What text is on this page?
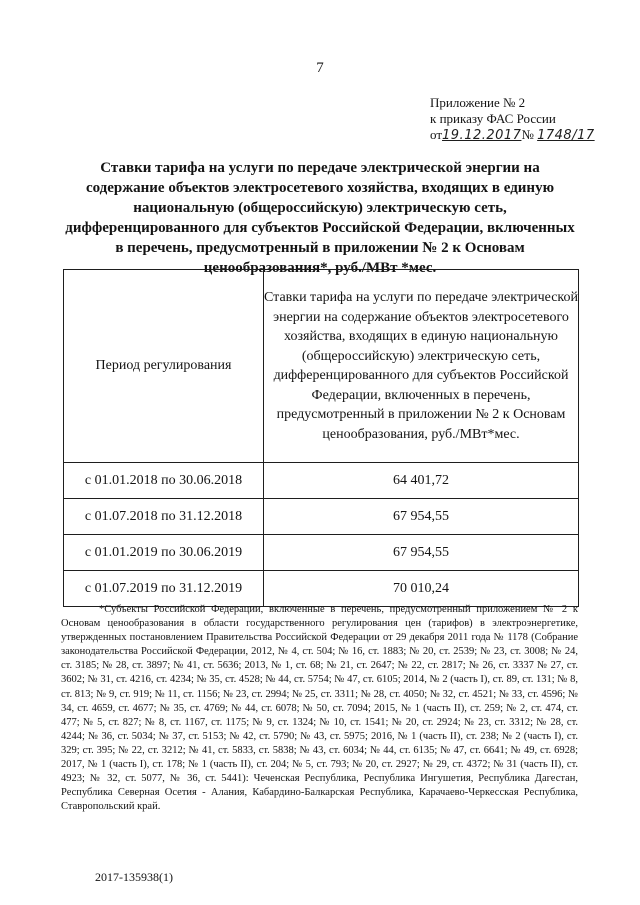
7
Приложение № 2
к приказу ФАС России
от19.12.2017№ 1748/17
Ставки тарифа на услуги по передаче электрической энергии на содержание объектов электросетевого хозяйства, входящих в единую национальную (общероссийскую) электрическую сеть, дифференцированного для субъектов Российской Федерации, включенных в перечень, предусмотренный в приложении № 2 к Основам ценообразования*, руб./МВт *мес.
Период регулирования	Ставки тарифа на услуги по передаче электрической энергии на содержание объектов электросетевого хозяйства, входящих в единую национальную (общероссийскую) электрическую сеть, дифференцированного для субъектов Российской Федерации, включенных в перечень, предусмотренный в приложении № 2 к Основам ценообразования, руб./МВт*мес.
с 01.01.2018 по 30.06.2018	64 401,72
с 01.07.2018 по 31.12.2018	67 954,55
с 01.01.2019 по 30.06.2019	67 954,55
с 01.07.2019 по 31.12.2019	70 010,24
*Субъекты Российской Федерации, включенные в перечень, предусмотренный приложением № 2 к Основам ценообразования в области государственного регулирования цен (тарифов) в электроэнергетике, утвержденных постановлением Правительства Российской Федерации от 29 декабря 2011 года № 1178 (Собрание законодательства Российской Федерации, 2012, № 4, ст. 504; № 16, ст. 1883; № 20, ст. 2539; № 23, ст. 3008; № 24, ст. 3185; № 28, ст. 3897; № 41, ст. 5636; 2013, № 1, ст. 68; № 21, ст. 2647; № 22, ст. 2817; № 26, ст. 3337 № 27, ст. 3602; № 31, ст. 4216, ст. 4234; № 35, ст. 4528; № 44, ст. 5754; № 47, ст. 6105; 2014, № 2 (часть I), ст. 89, ст. 131; № 8, ст. 813; № 9, ст. 919; № 11, ст. 1156; № 23, ст. 2994; № 25, ст. 3311; № 28, ст. 4050; № 32, ст. 4521; № 33, ст. 4596; № 34, ст. 4659, ст. 4677; № 35, ст. 4769; № 44, ст. 6078; № 50, ст. 7094; 2015, № 1 (часть II), ст. 259; № 2, ст. 474, ст. 477; № 5, ст. 827; № 8, ст. 1167, ст. 1175; № 9, ст. 1324; № 10, ст. 1541; № 20, ст. 2924; № 23, ст. 3312; № 28, ст. 4244; № 36, ст. 5034; № 37, ст. 5153; № 42, ст. 5790; № 43, ст. 5975; 2016, № 1 (часть II), ст. 238; № 2 (часть I), ст. 329; ст. 395; № 22, ст. 3212; № 41, ст. 5833, ст. 5838; № 43, ст. 6034; № 44, ст. 6135; № 47, ст. 6641; № 49, ст. 6928; 2017, № 1 (часть I), ст. 178; № 1 (часть II), ст. 204; № 5, ст. 793; № 20, ст. 2927; № 29, ст. 4372; № 31 (часть II), ст. 4923; № 32, ст. 5077, № 36, ст. 5441): Чеченская Республика, Республика Ингушетия, Республика Дагестан, Республика Северная Осетия - Алания, Кабардино-Балкарская Республика, Карачаево-Черкесская Республика, Ставропольский край.
2017-135938(1)
